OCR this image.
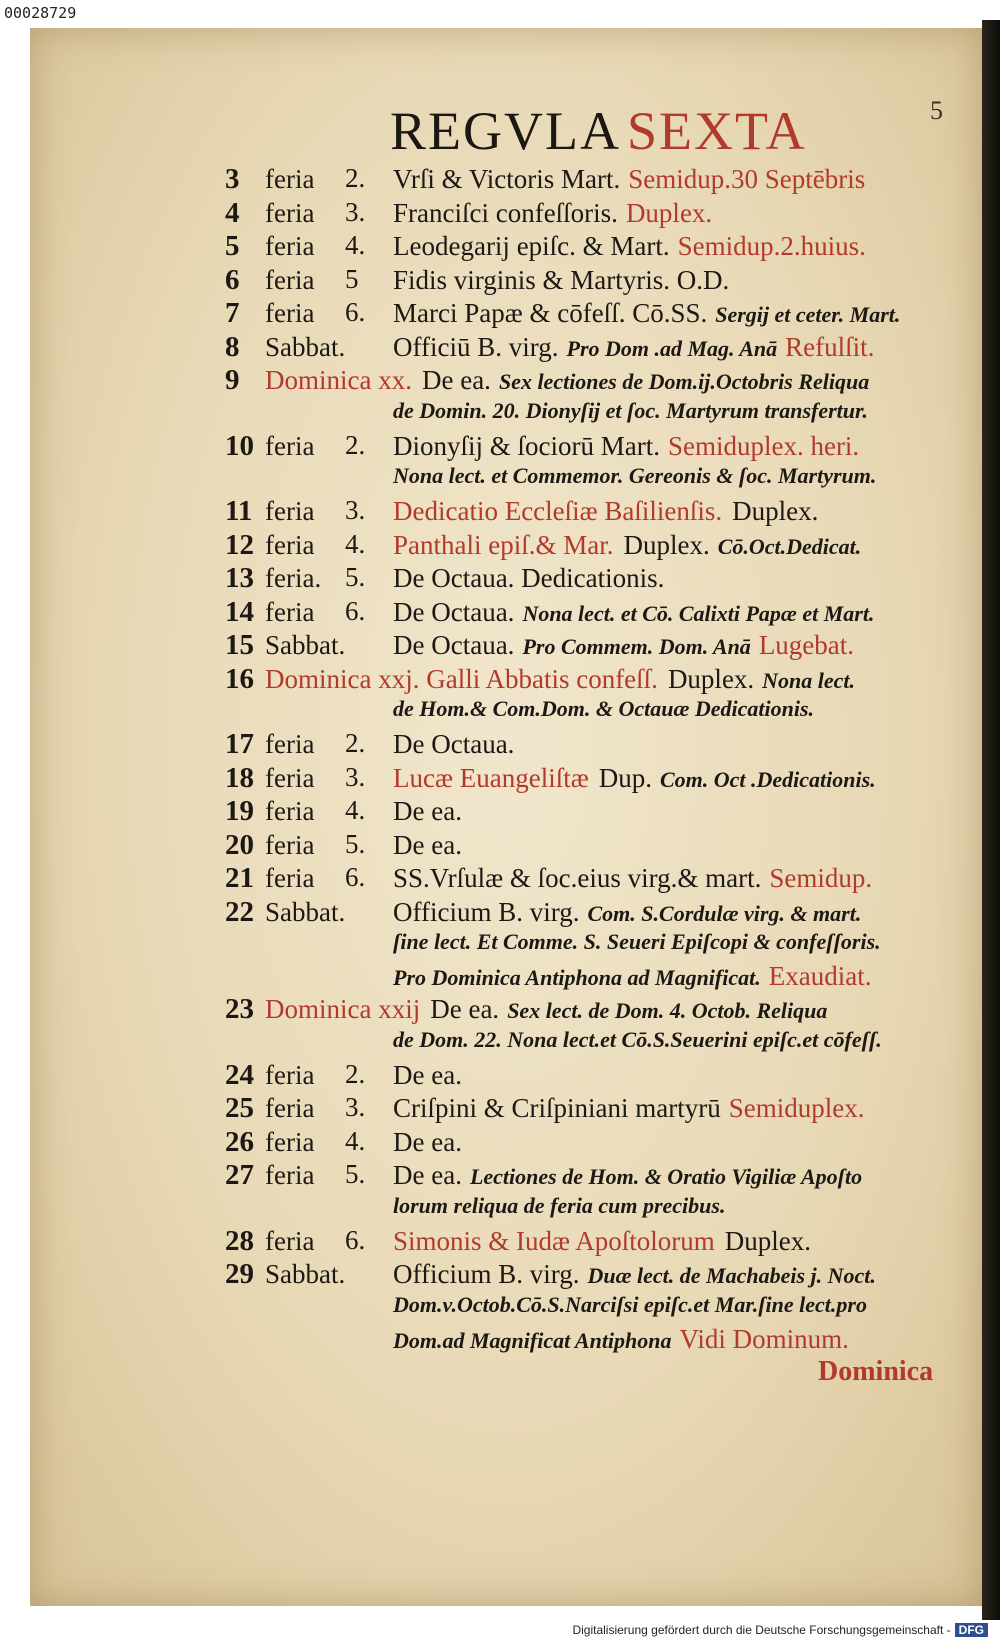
00028729
REGVLA SEXTA	5
3 feria	2. Vrſi & Victoris Mart. Semidup.30 Septēbris
4 feria	3. Franciſci confeſſoris. Duplex.
5 feria	4. Leodegarij epiſc. & Mart. Semidup.2.huius.
6 feria	5 Fidis virginis & Martyris. O.D.
7 feria	6. Marci Papæ & cōfeſſ. Cō.SS. Sergij et ceter. Mart.
8 Sabbat.	Officiū B. virg. Pro Dom .ad Mag. Anā Refulſit.
9 Dominica xx. De ea. Sex lectiones de Dom.ij.Octobris Reliqua
de Domin. 20. Dionyſij et ſoc. Martyrum transfertur.
10 feria	2. Dionyſij & ſociorū Mart. Semiduplex. heri.
Nona lect. et Commemor. Gereonis & ſoc. Martyrum.
11 feria	3. Dedicatio Eccleſiæ Baſilienſis. Duplex.
12 feria	4. Panthali epiſ.& Mar. Duplex. Cō.Oct.Dedicat.
13 feria. 5. De Octaua. Dedicationis.
14 feria	6. De Octaua. Nona lect. et Cō. Calixti Papæ et Mart.
15 Sabbat.	De Octaua. Pro Commem. Dom. Anā Lugebat.
16 Dominica xxj. Galli Abbatis confeſſ. Duplex. Nona lect.
de Hom.& Com.Dom. & Octauæ Dedicationis.
17 feria	2. De Octaua.
18 feria	3. Lucæ Euangeliſtæ Dup. Com. Oct .Dedicationis.
19 feria	4. De ea.
20 feria	5. De ea.
21 feria	6. SS.Vrſulæ & ſoc.eius virg.& mart. Semidup.
22 Sabbat.	Officium B. virg. Com. S.Cordulæ virg. & mart.
ſine lect. Et Comme. S. Seueri Epiſcopi & confeſſoris.
Pro Dominica Antiphona ad Magnificat. Exaudiat.
23 Dominica xxij De ea. Sex lect. de Dom. 4. Octob. Reliqua
de Dom. 22. Nona lect.et Cō.S.Seuerini epiſc.et cōfeſſ.
24 feria	2. De ea.
25 feria	3. Criſpini & Criſpiniani martyrū Semiduplex.
26 feria	4. De ea.
27 feria	5. De ea. Lectiones de Hom. & Oratio Vigiliæ Apoſto
lorum reliqua de feria cum precibus.
28 feria	6. Simonis & Iudæ Apoſtolorum Duplex.
29 Sabbat.	Officium B. virg. Duæ lect. de Machabeis j. Noct.
Dom.v.Octob.Cō.S.Narciſsi epiſc.et Mar.ſine lect.pro
Dom.ad Magnificat Antiphona Vidi Dominum.
Dominica
Digitalisierung gefördert durch die Deutsche Forschungsgemeinschaft - DFG
